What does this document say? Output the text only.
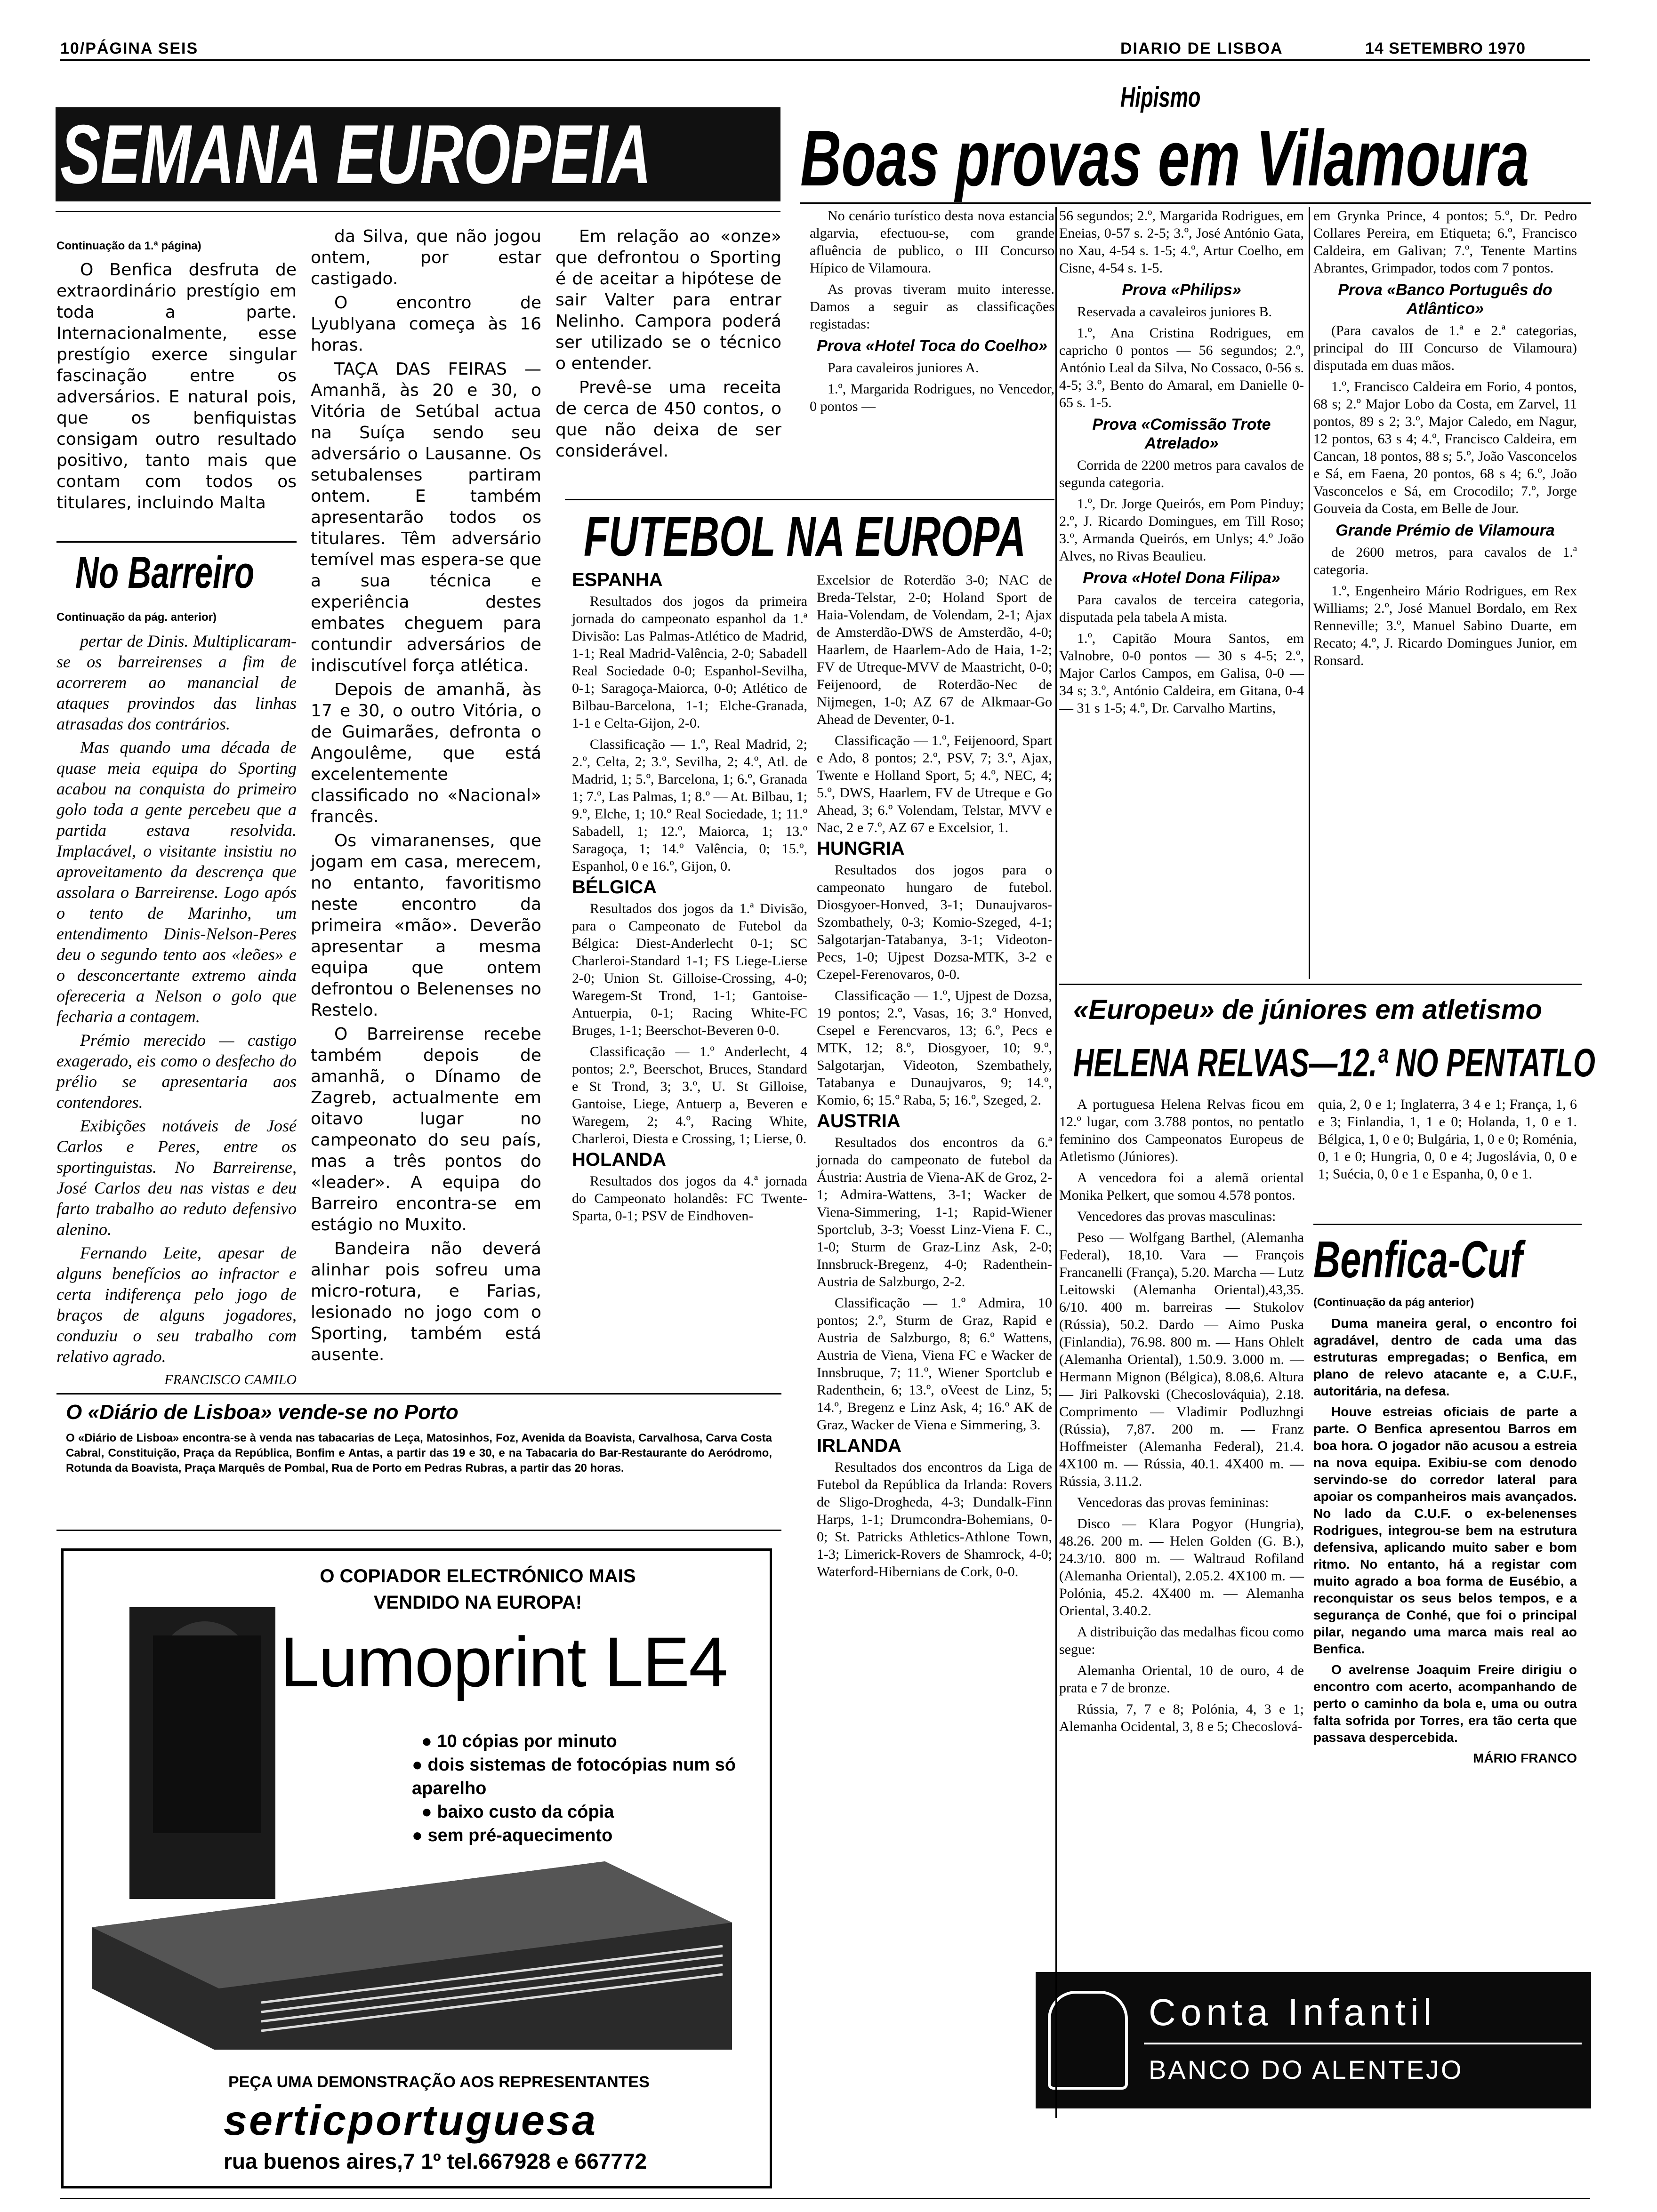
10/PÁGINA SEIS	DIARIO DE LISBOA	14 SETEMBRO 1970
SEMANA EUROPEIA

Continuação da 1.ª página)

O Benfica desfruta de extraordinário prestígio em toda a parte. Internacionalmente, esse prestígio exerce singular fascinação entre os adversários. E natural pois, que os benfiquistas consigam outro resultado positivo, tanto mais que contam com todos os titulares, incluindo Malta

da Silva, que não jogou ontem, por estar castigado.

O encontro de Lyublyana começa às 16 horas.

TAÇA DAS FEIRAS — Amanhã, às 20 e 30, o Vitória de Setúbal actua na Suíça sendo seu adversário o Lausanne. Os setubalenses partiram ontem. E também apresentarão todos os titulares. Têm adversário temível mas espera-se que a sua técnica e experiência destes embates cheguem para contundir adversários de indiscutível força atlética.

Depois de amanhã, às 17 e 30, o outro Vitória, o de Guimarães, defronta o Angoulême, que está excelentemente classificado no «Nacional» francês.

Os vimaranenses, que jogam em casa, merecem, no entanto, favoritismo neste encontro da primeira «mão». Deverão apresentar a mesma equipa que ontem defrontou o Belenenses no Restelo.

O Barreirense recebe também depois de amanhã, o Dínamo de Zagreb, actualmente em oitavo lugar no campeonato do seu país, mas a três pontos do «leader». A equipa do Barreiro encontra-se em estágio no Muxito.

Bandeira não deverá alinhar pois sofreu uma micro-rotura, e Farias, lesionado no jogo com o Sporting, também está ausente.

Em relação ao «onze» que defrontou o Sporting é de aceitar a hipótese de sair Valter para entrar Nelinho. Campora poderá ser utilizado se o técnico o entender.

Prevê-se uma receita de cerca de 450 contos, o que não deixa de ser considerável.

No Barreiro

Continuação da pág. anterior)

pertar de Dinis. Multiplicaram-se os barreirenses a fim de acorrerem ao manancial de ataques provindos das linhas atrasadas dos contrários.

Mas quando uma década de quase meia equipa do Sporting acabou na conquista do primeiro golo toda a gente percebeu que a partida estava resolvida. Implacável, o visitante insistiu no aproveitamento da descrença que assolara o Barreirense. Logo após o tento de Marinho, um entendimento Dinis-Nelson-Peres deu o segundo tento aos «leões» e o desconcertante extremo ainda ofereceria a Nelson o golo que fecharia a contagem.

Prémio merecido — castigo exagerado, eis como o desfecho do prélio se apresentaria aos contendores.

Exibições notáveis de José Carlos e Peres, entre os sportinguistas. No Barreirense, José Carlos deu nas vistas e deu farto trabalho ao reduto defensivo alenino.

Fernando Leite, apesar de alguns benefícios ao infractor e certa indiferença pelo jogo de braços de alguns jogadores, conduziu o seu trabalho com relativo agrado.

FRANCISCO CAMILO

O «Diário de Lisboa» vende-se no Porto
O «Diário de Lisboa» encontra-se à venda nas tabacarias de Leça, Matosinhos, Foz, Avenida da Boavista, Carvalhosa, Carva Costa Cabral, Constituição, Praça da República, Bonfim e Antas, a partir das 19 e 30, e na Tabacaria do Bar-Restaurante do Aeródromo, Rotunda da Boavista, Praça Marquês de Pombal, Rua de Porto em Pedras Rubras, a partir das 20 horas.
O COPIADOR ELECTRÓNICO MAIS VENDIDO NA EUROPA!
Lumoprint LE4
● 10 cópias por minuto
● dois sistemas de fotocópias num só aparelho
● baixo custo da cópia
● sem pré-aquecimento
PEÇA UMA DEMONSTRAÇÃO AOS REPRESENTANTES
serticportuguesa
rua buenos aires,7 1º tel.667928 e 667772
Hipismo
Boas provas em Vilamoura

No cenário turístico desta nova estancia algarvia, efectuou-se, com grande afluência de publico, o III Concurso Hípico de Vilamoura.

As provas tiveram muito interesse. Damos a seguir as classificações registadas:

Prova «Hotel Toca do Coelho»

Para cavaleiros juniores A.

1.º, Margarida Rodrigues, no Vencedor, 0 pontos —

56 segundos; 2.º, Margarida Rodrigues, em Eneias, 0-57 s. 2-5; 3.º, José António Gata, no Xau, 4-54 s. 1-5; 4.º, Artur Coelho, em Cisne, 4-54 s. 1-5.

Prova «Philips»

Reservada a cavaleiros juniores B.

1.º, Ana Cristina Rodrigues, em capricho 0 pontos — 56 segundos; 2.º, António Leal da Silva, No Cossaco, 0-56 s. 4-5; 3.º, Bento do Amaral, em Danielle 0-65 s. 1-5.

Prova «Comissão Trote Atrelado»

Corrida de 2200 metros para cavalos de segunda categoria.

1.º, Dr. Jorge Queirós, em Pom Pinduy; 2.º, J. Ricardo Domingues, em Till Roso; 3.º, Armanda Queirós, em Unlys; 4.º João Alves, no Rivas Beaulieu.

Prova «Hotel Dona Filipa»

Para cavalos de terceira categoria, disputada pela tabela A mista.

1.º, Capitão Moura Santos, em Valnobre, 0-0 pontos — 30 s 4-5; 2.º, Major Carlos Campos, em Galisa, 0-0 — 34 s; 3.º, António Caldeira, em Gitana, 0-4 — 31 s 1-5; 4.º, Dr. Carvalho Martins,

em Grynka Prince, 4 pontos; 5.º, Dr. Pedro Collares Pereira, em Etiqueta; 6.º, Francisco Caldeira, em Galivan; 7.º, Tenente Martins Abrantes, Grimpador, todos com 7 pontos.

Prova «Banco Português do Atlântico»

(Para cavalos de 1.ª e 2.ª categorias, principal do III Concurso de Vilamoura) disputada em duas mãos.

1.º, Francisco Caldeira em Forio, 4 pontos, 68 s; 2.º Major Lobo da Costa, em Zarvel, 11 pontos, 89 s 2; 3.º, Major Caledo, em Nagur, 12 pontos, 63 s 4; 4.º, Francisco Caldeira, em Cancan, 18 pontos, 88 s; 5.º, João Vasconcelos e Sá, em Faena, 20 pontos, 68 s 4; 6.º, João Vasconcelos e Sá, em Crocodilo; 7.º, Jorge Gouveia da Costa, em Belle de Jour.

Grande Prémio de Vilamoura

de 2600 metros, para cavalos de 1.ª categoria.

1.º, Engenheiro Mário Rodrigues, em Rex Williams; 2.º, José Manuel Bordalo, em Rex Renneville; 3.º, Manuel Sabino Duarte, em Recato; 4.º, J. Ricardo Domingues Junior, em Ronsard.

FUTEBOL NA EUROPA

ESPANHA

Resultados dos jogos da primeira jornada do campeonato espanhol da 1.ª Divisão: Las Palmas-Atlético de Madrid, 1-1; Real Madrid-Valência, 2-0; Sabadell Real Sociedade 0-0; Espanhol-Sevilha, 0-1; Saragoça-Maiorca, 0-0; Atlético de Bilbau-Barcelona, 1-1; Elche-Granada, 1-1 e Celta-Gijon, 2-0.

Classificação — 1.º, Real Madrid, 2; 2.º, Celta, 2; 3.º, Sevilha, 2; 4.º, Atl. de Madrid, 1; 5.º, Barcelona, 1; 6.º, Granada 1; 7.º, Las Palmas, 1; 8.º — At. Bilbau, 1; 9.º, Elche, 1; 10.º Real Sociedade, 1; 11.º Sabadell, 1; 12.º, Maiorca, 1; 13.º Saragoça, 1; 14.º Valência, 0; 15.º, Espanhol, 0 e 16.º, Gijon, 0.

BÉLGICA

Resultados dos jogos da 1.ª Divisão, para o Campeonato de Futebol da Bélgica: Diest-Anderlecht 0-1; SC Charleroi-Standard 1-1; FS Liege-Lierse 2-0; Union St. Gilloise-Crossing, 4-0; Waregem-St Trond, 1-1; Gantoise-Antuerpia, 0-1; Racing White-FC Bruges, 1-1; Beerschot-Beveren 0-0.

Classificação — 1.º Anderlecht, 4 pontos; 2.º, Beerschot, Bruces, Standard e St Trond, 3; 3.º, U. St Gilloise, Gantoise, Liege, Antuerp a, Beveren e Waregem, 2; 4.º, Racing White, Charleroi, Diesta e Crossing, 1; Lierse, 0.

HOLANDA

Resultados dos jogos da 4.ª jornada do Campeonato holandês: FC Twente-Sparta, 0-1; PSV de Eindhoven-

Excelsior de Roterdão 3-0; NAC de Breda-Telstar, 2-0; Holand Sport de Haia-Volendam, de Volendam, 2-1; Ajax de Amsterdão-DWS de Amsterdão, 4-0; Haarlem, de Haarlem-Ado de Haia, 1-2; FV de Utreque-MVV de Maastricht, 0-0; Feijenoord, de Roterdão-Nec de Nijmegen, 1-0; AZ 67 de Alkmaar-Go Ahead de Deventer, 0-1.

Classificação — 1.º, Feijenoord, Spart e Ado, 8 pontos; 2.º, PSV, 7; 3.º, Ajax, Twente e Holland Sport, 5; 4.º, NEC, 4; 5.º, DWS, Haarlem, FV de Utreque e Go Ahead, 3; 6.º Volendam, Telstar, MVV e Nac, 2 e 7.º, AZ 67 e Excelsior, 1.

HUNGRIA

Resultados dos jogos para o campeonato hungaro de futebol. Diosgyoer-Honved, 3-1; Dunaujvaros-Szombathely, 0-3; Komio-Szeged, 4-1; Salgotarjan-Tatabanya, 3-1; Videoton-Pecs, 1-0; Ujpest Dozsa-MTK, 3-2 e Czepel-Ferenovaros, 0-0.

Classificação — 1.º, Ujpest de Dozsa, 19 pontos; 2.º, Vasas, 16; 3.º Honved, Csepel e Ferencvaros, 13; 6.º, Pecs e MTK, 12; 8.º, Diosgyoer, 10; 9.º, Salgotarjan, Videoton, Szembathely, Tatabanya e Dunaujvaros, 9; 14.º, Komio, 6; 15.º Raba, 5; 16.º, Szeged, 2.

AUSTRIA

Resultados dos encontros da 6.ª jornada do campeonato de futebol da Áustria: Austria de Viena-AK de Groz, 2-1; Admira-Wattens, 3-1; Wacker de Viena-Simmering, 1-1; Rapid-Wiener Sportclub, 3-3; Voesst Linz-Viena F. C., 1-0; Sturm de Graz-Linz Ask, 2-0; Innsbruck-Bregenz, 4-0; Radenthein-Austria de Salzburgo, 2-2.

Classificação — 1.º Admira, 10 pontos; 2.º, Sturm de Graz, Rapid e Austria de Salzburgo, 8; 6.º Wattens, Austria de Viena, Viena FC e Wacker de Innsbruque, 7; 11.º, Wiener Sportclub e Radenthein, 6; 13.º, oVeest de Linz, 5; 14.º, Bregenz e Linz Ask, 4; 16.º AK de Graz, Wacker de Viena e Simmering, 3.

IRLANDA

Resultados dos encontros da Liga de Futebol da República da Irlanda: Rovers de Sligo-Drogheda, 4-3; Dundalk-Finn Harps, 1-1; Drumcondra-Bohemians, 0-0; St. Patricks Athletics-Athlone Town, 1-3; Limerick-Rovers de Shamrock, 4-0; Waterford-Hibernians de Cork, 0-0.

«Europeu» de júniores em atletismo
HELENA RELVAS—12.ª NO PENTATLO

A portuguesa Helena Relvas ficou em 12.º lugar, com 3.788 pontos, no pentatlo feminino dos Campeonatos Europeus de Atletismo (Júniores).

A vencedora foi a alemã oriental Monika Pelkert, que somou 4.578 pontos.

Vencedores das provas masculinas:

Peso — Wolfgang Barthel, (Alemanha Federal), 18,10. Vara — François Francanelli (França), 5.20. Marcha — Lutz Leitowski (Alemanha Oriental),43,35. 6/10. 400 m. barreiras — Stukolov (Rússia), 50.2. Dardo — Aimo Puska (Finlandia), 76.98. 800 m. — Hans Ohlelt (Alemanha Oriental), 1.50.9. 3.000 m. — Hermann Mignon (Bélgica), 8.08,6. Altura — Jiri Palkovski (Checoslováquia), 2.18. Comprimento — Vladimir Podluzhngi (Rússia), 7,87. 200 m. — Franz Hoffmeister (Alemanha Federal), 21.4. 4X100 m. — Rússia, 40.1. 4X400 m. — Rússia, 3.11.2.

Vencedoras das provas femininas:

Disco — Klara Pogyor (Hungria), 48.26. 200 m. — Helen Golden (G. B.), 24.3/10. 800 m. — Waltraud Rofiland (Alemanha Oriental), 2.05.2. 4X100 m. — Polónia, 45.2. 4X400 m. — Alemanha Oriental, 3.40.2.

A distribuição das medalhas ficou como segue:

Alemanha Oriental, 10 de ouro, 4 de prata e 7 de bronze.

Rússia, 7, 7 e 8; Polónia, 4, 3 e 1; Alemanha Ocidental, 3, 8 e 5; Checoslová-

quia, 2, 0 e 1; Inglaterra, 3 4 e 1; França, 1, 6 e 3; Finlandia, 1, 1 e 0; Holanda, 1, 0 e 1. Bélgica, 1, 0 e 0; Bulgária, 1, 0 e 0; Roménia, 0, 1 e 0; Hungria, 0, 0 e 4; Jugoslávia, 0, 0 e 1; Suécia, 0, 0 e 1 e Espanha, 0, 0 e 1.

Benfica-Cuf

(Continuação da pág anterior)

Duma maneira geral, o encontro foi agradável, dentro de cada uma das estruturas empregadas; o Benfica, em plano de relevo atacante e, a C.U.F., autoritária, na defesa.

Houve estreias oficiais de parte a parte. O Benfica apresentou Barros em boa hora. O jogador não acusou a estreia na nova equipa. Exibiu-se com denodo servindo-se do corredor lateral para apoiar os companheiros mais avançados. No lado da C.U.F. o ex-belenenses Rodrigues, integrou-se bem na estrutura defensiva, aplicando muito saber e bom ritmo. No entanto, há a registar com muito agrado a boa forma de Eusébio, a reconquistar os seus belos tempos, e a segurança de Conhé, que foi o principal pilar, negando uma marca mais real ao Benfica.

O avelrense Joaquim Freire dirigiu o encontro com acerto, acompanhando de perto o caminho da bola e, uma ou outra falta sofrida por Torres, era tão certa que passava despercebida.

MÁRIO FRANCO

Conta Infantil
BANCO DO ALENTEJO
